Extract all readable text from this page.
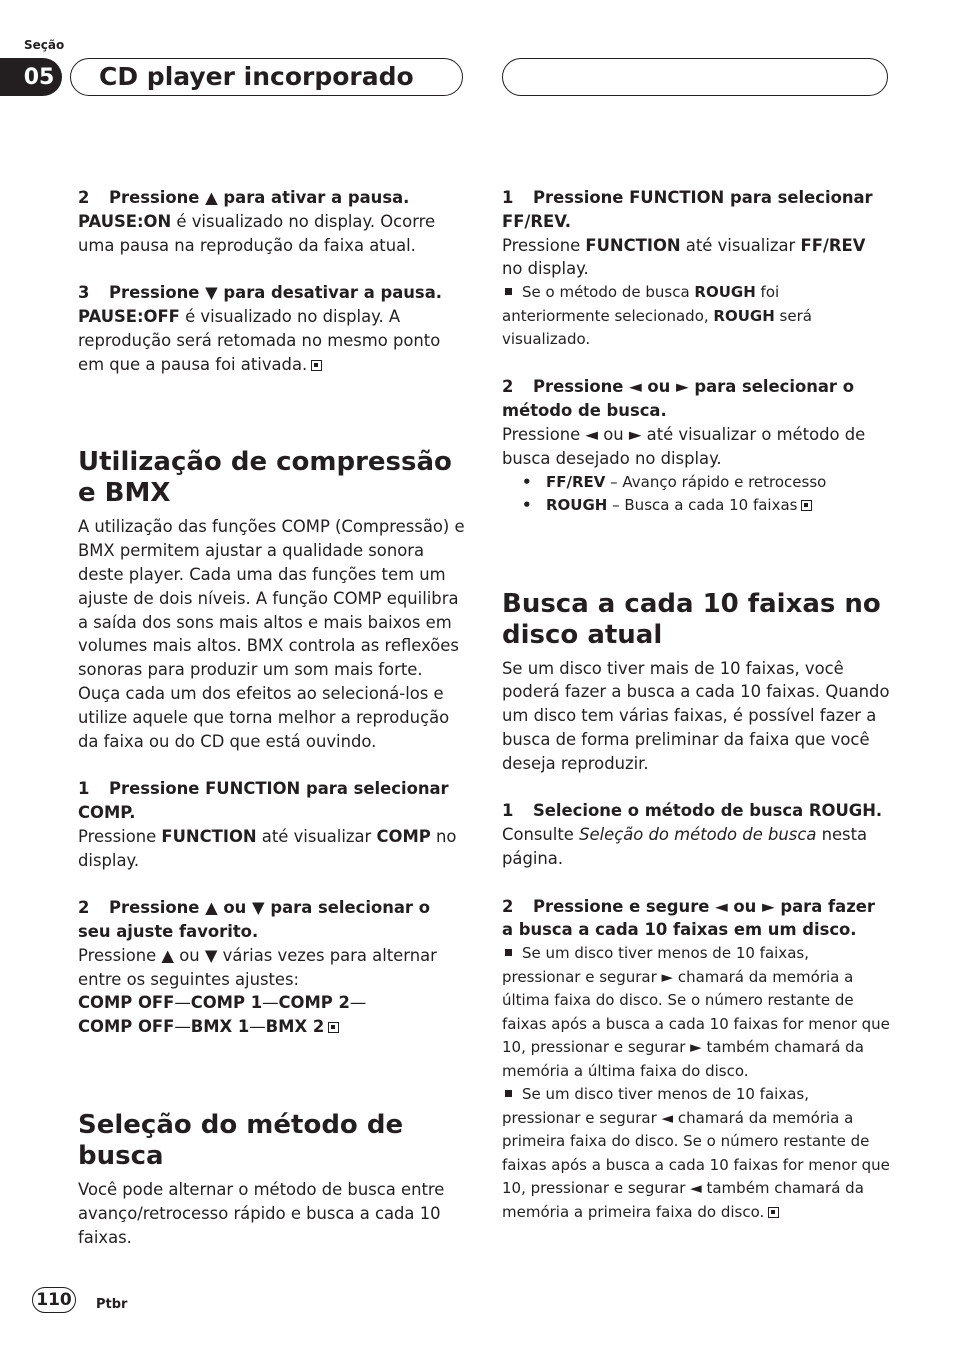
Seção
05	CD player incorporado

2 Pressione ▲ para ativar a pausa.

PAUSE:ON é visualizado no display. Ocorre uma pausa na reprodução da faixa atual.

3 Pressione ▼ para desativar a pausa.

PAUSE:OFF é visualizado no display. A reprodução será retomada no mesmo ponto em que a pausa foi ativada.

Utilização de compressão e BMX

A utilização das funções COMP (Compressão) e BMX permitem ajustar a qualidade sonora deste player. Cada uma das funções tem um ajuste de dois níveis. A função COMP equilibra a saída dos sons mais altos e mais baixos em volumes mais altos. BMX controla as reflexões sonoras para produzir um som mais forte. Ouça cada um dos efeitos ao selecioná-los e utilize aquele que torna melhor a reprodução da faixa ou do CD que está ouvindo.

1 Pressione FUNCTION para selecionar COMP.

Pressione FUNCTION até visualizar COMP no display.

2 Pressione ▲ ou ▼ para selecionar o seu ajuste favorito.

Pressione ▲ ou ▼ várias vezes para alternar entre os seguintes ajustes:

COMP OFF—COMP 1—COMP 2—
COMP OFF—BMX 1—BMX 2

Seleção do método de busca

Você pode alternar o método de busca entre avanço/retrocesso rápido e busca a cada 10 faixas.

1 Pressione FUNCTION para selecionar FF/REV.

Pressione FUNCTION até visualizar FF/REV no display.

Se o método de busca ROUGH foi anteriormente selecionado, ROUGH será visualizado.

2 Pressione ◄ ou ► para selecionar o método de busca.

Pressione ◄ ou ► até visualizar o método de busca desejado no display.

• FF/REV – Avanço rápido e retrocesso
• ROUGH – Busca a cada 10 faixas
Busca a cada 10 faixas no disco atual

Se um disco tiver mais de 10 faixas, você poderá fazer a busca a cada 10 faixas. Quando um disco tem várias faixas, é possível fazer a busca de forma preliminar da faixa que você deseja reproduzir.

1 Selecione o método de busca ROUGH.

Consulte Seleção do método de busca nesta página.

2 Pressione e segure ◄ ou ► para fazer a busca a cada 10 faixas em um disco.

Se um disco tiver menos de 10 faixas, pressionar e segurar ► chamará da memória a última faixa do disco. Se o número restante de faixas após a busca a cada 10 faixas for menor que 10, pressionar e segurar ► também chamará da memória a última faixa do disco.

Se um disco tiver menos de 10 faixas, pressionar e segurar ◄ chamará da memória a primeira faixa do disco. Se o número restante de faixas após a busca a cada 10 faixas for menor que 10, pressionar e segurar ◄ também chamará da memória a primeira faixa do disco.

110	Ptbr
